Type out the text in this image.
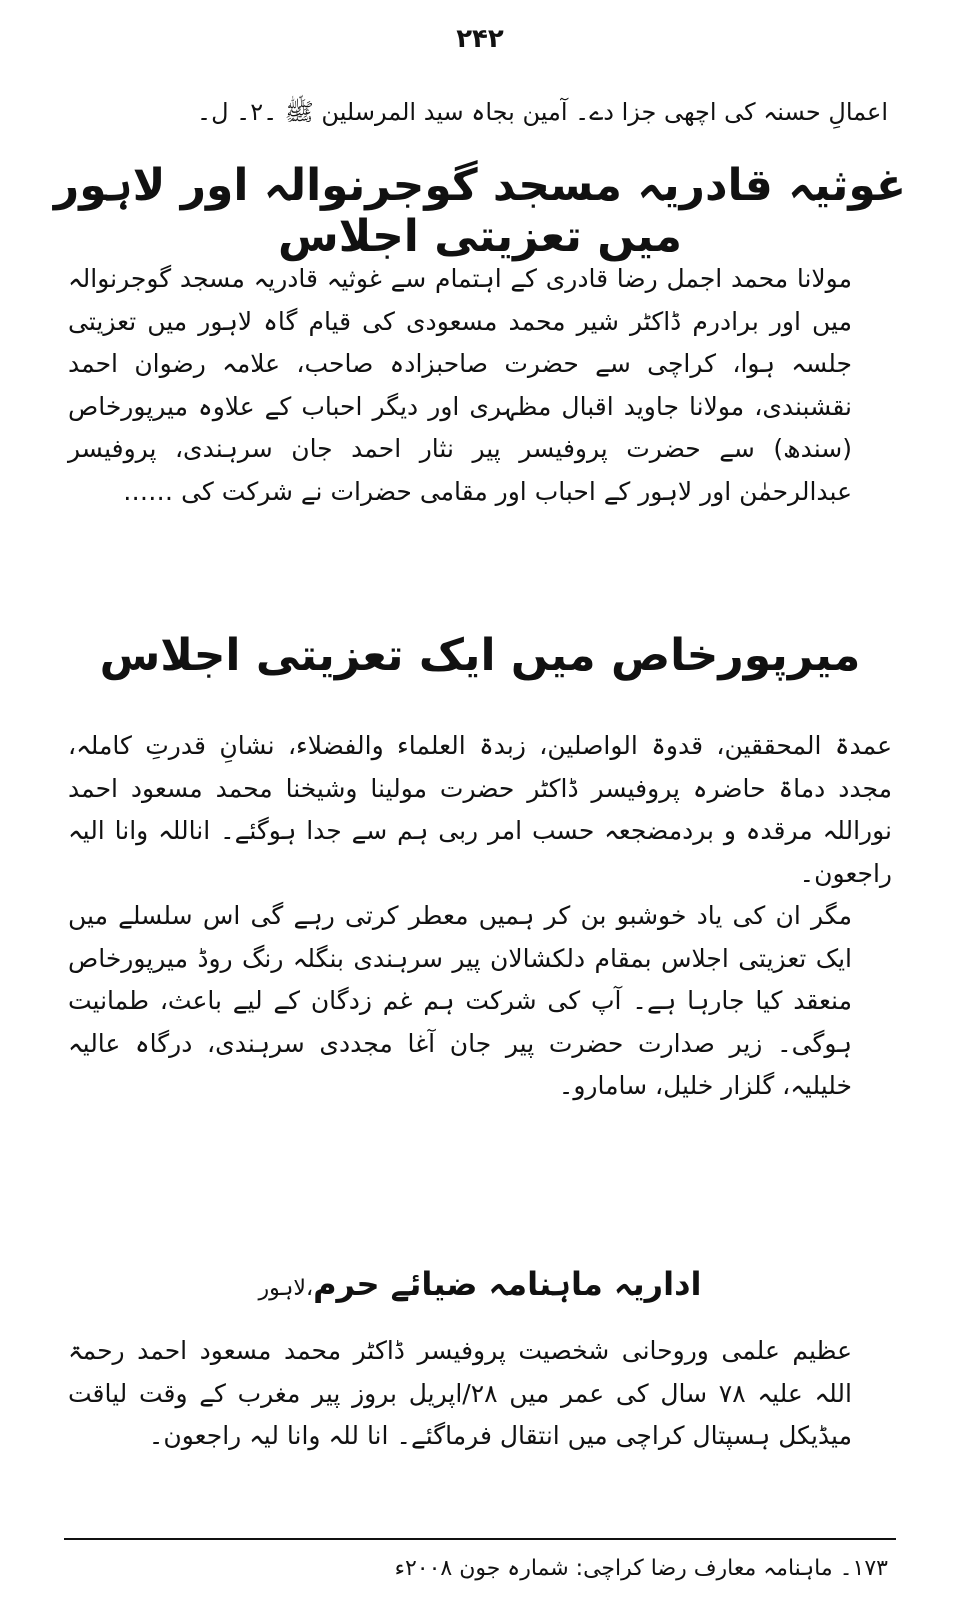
۲۴۲

اعمالِ حسنہ کی اچھی جزا دے۔ آمین بجاہ سید المرسلین ﷺ ۔۲۔ ل۔

غوثیہ قادریہ مسجد گوجرنوالہ اور لاہور میں تعزیتی اجلاس

مولانا محمد اجمل رضا قادری کے اہتمام سے غوثیہ قادریہ مسجد گوجرنوالہ میں اور برادرم ڈاکٹر شیر محمد مسعودی کی قیام گاہ لاہور میں تعزیتی جلسہ ہوا، کراچی سے حضرت صاحبزادہ صاحب، علامہ رضوان احمد نقشبندی، مولانا جاوید اقبال مظہری اور دیگر احباب کے علاوہ میرپورخاص (سندھ) سے حضرت پروفیسر پیر نثار احمد جان سرہندی، پروفیسر عبدالرحمٰن اور لاہور کے احباب اور مقامی حضرات نے شرکت کی ……

میرپورخاص میں ایک تعزیتی اجلاس

عمدۃ المحققین، قدوۃ الواصلین، زبدۃ العلماء والفضلاء، نشانِ قدرتِ کاملہ، مجدد دماۃ حاضرہ پروفیسر ڈاکٹر حضرت مولینا وشیخنا محمد مسعود احمد نوراللہ مرقدہ و بردمضجعہ حسب امر ربی ہم سے جدا ہوگئے۔ اناللہ وانا الیہ راجعون۔

مگر ان کی یاد خوشبو بن کر ہمیں معطر کرتی رہے گی اس سلسلے میں ایک تعزیتی اجلاس بمقام دلکشالان پیر سرہندی بنگلہ رنگ روڈ میرپورخاص منعقد کیا جارہا ہے۔ آپ کی شرکت ہم غم زدگان کے لیے باعث، طمانیت ہوگی۔ زیر صدارت حضرت پیر جان آغا مجددی سرہندی، درگاہ عالیہ خلیلیہ، گلزار خلیل، سامارو۔

اداریہ ماہنامہ ضیائے حرم،لاہور

عظیم علمی وروحانی شخصیت پروفیسر ڈاکٹر محمد مسعود احمد رحمۃ اللہ علیہ ۷۸ سال کی عمر میں ۲۸/اپریل بروز پیر مغرب کے وقت لیاقت میڈیکل ہسپتال کراچی میں انتقال فرماگئے۔ انا للہ وانا لیہ راجعون۔

۱۷۳۔ ماہنامہ معارف رضا کراچی: شمارہ جون ۲۰۰۸ء
